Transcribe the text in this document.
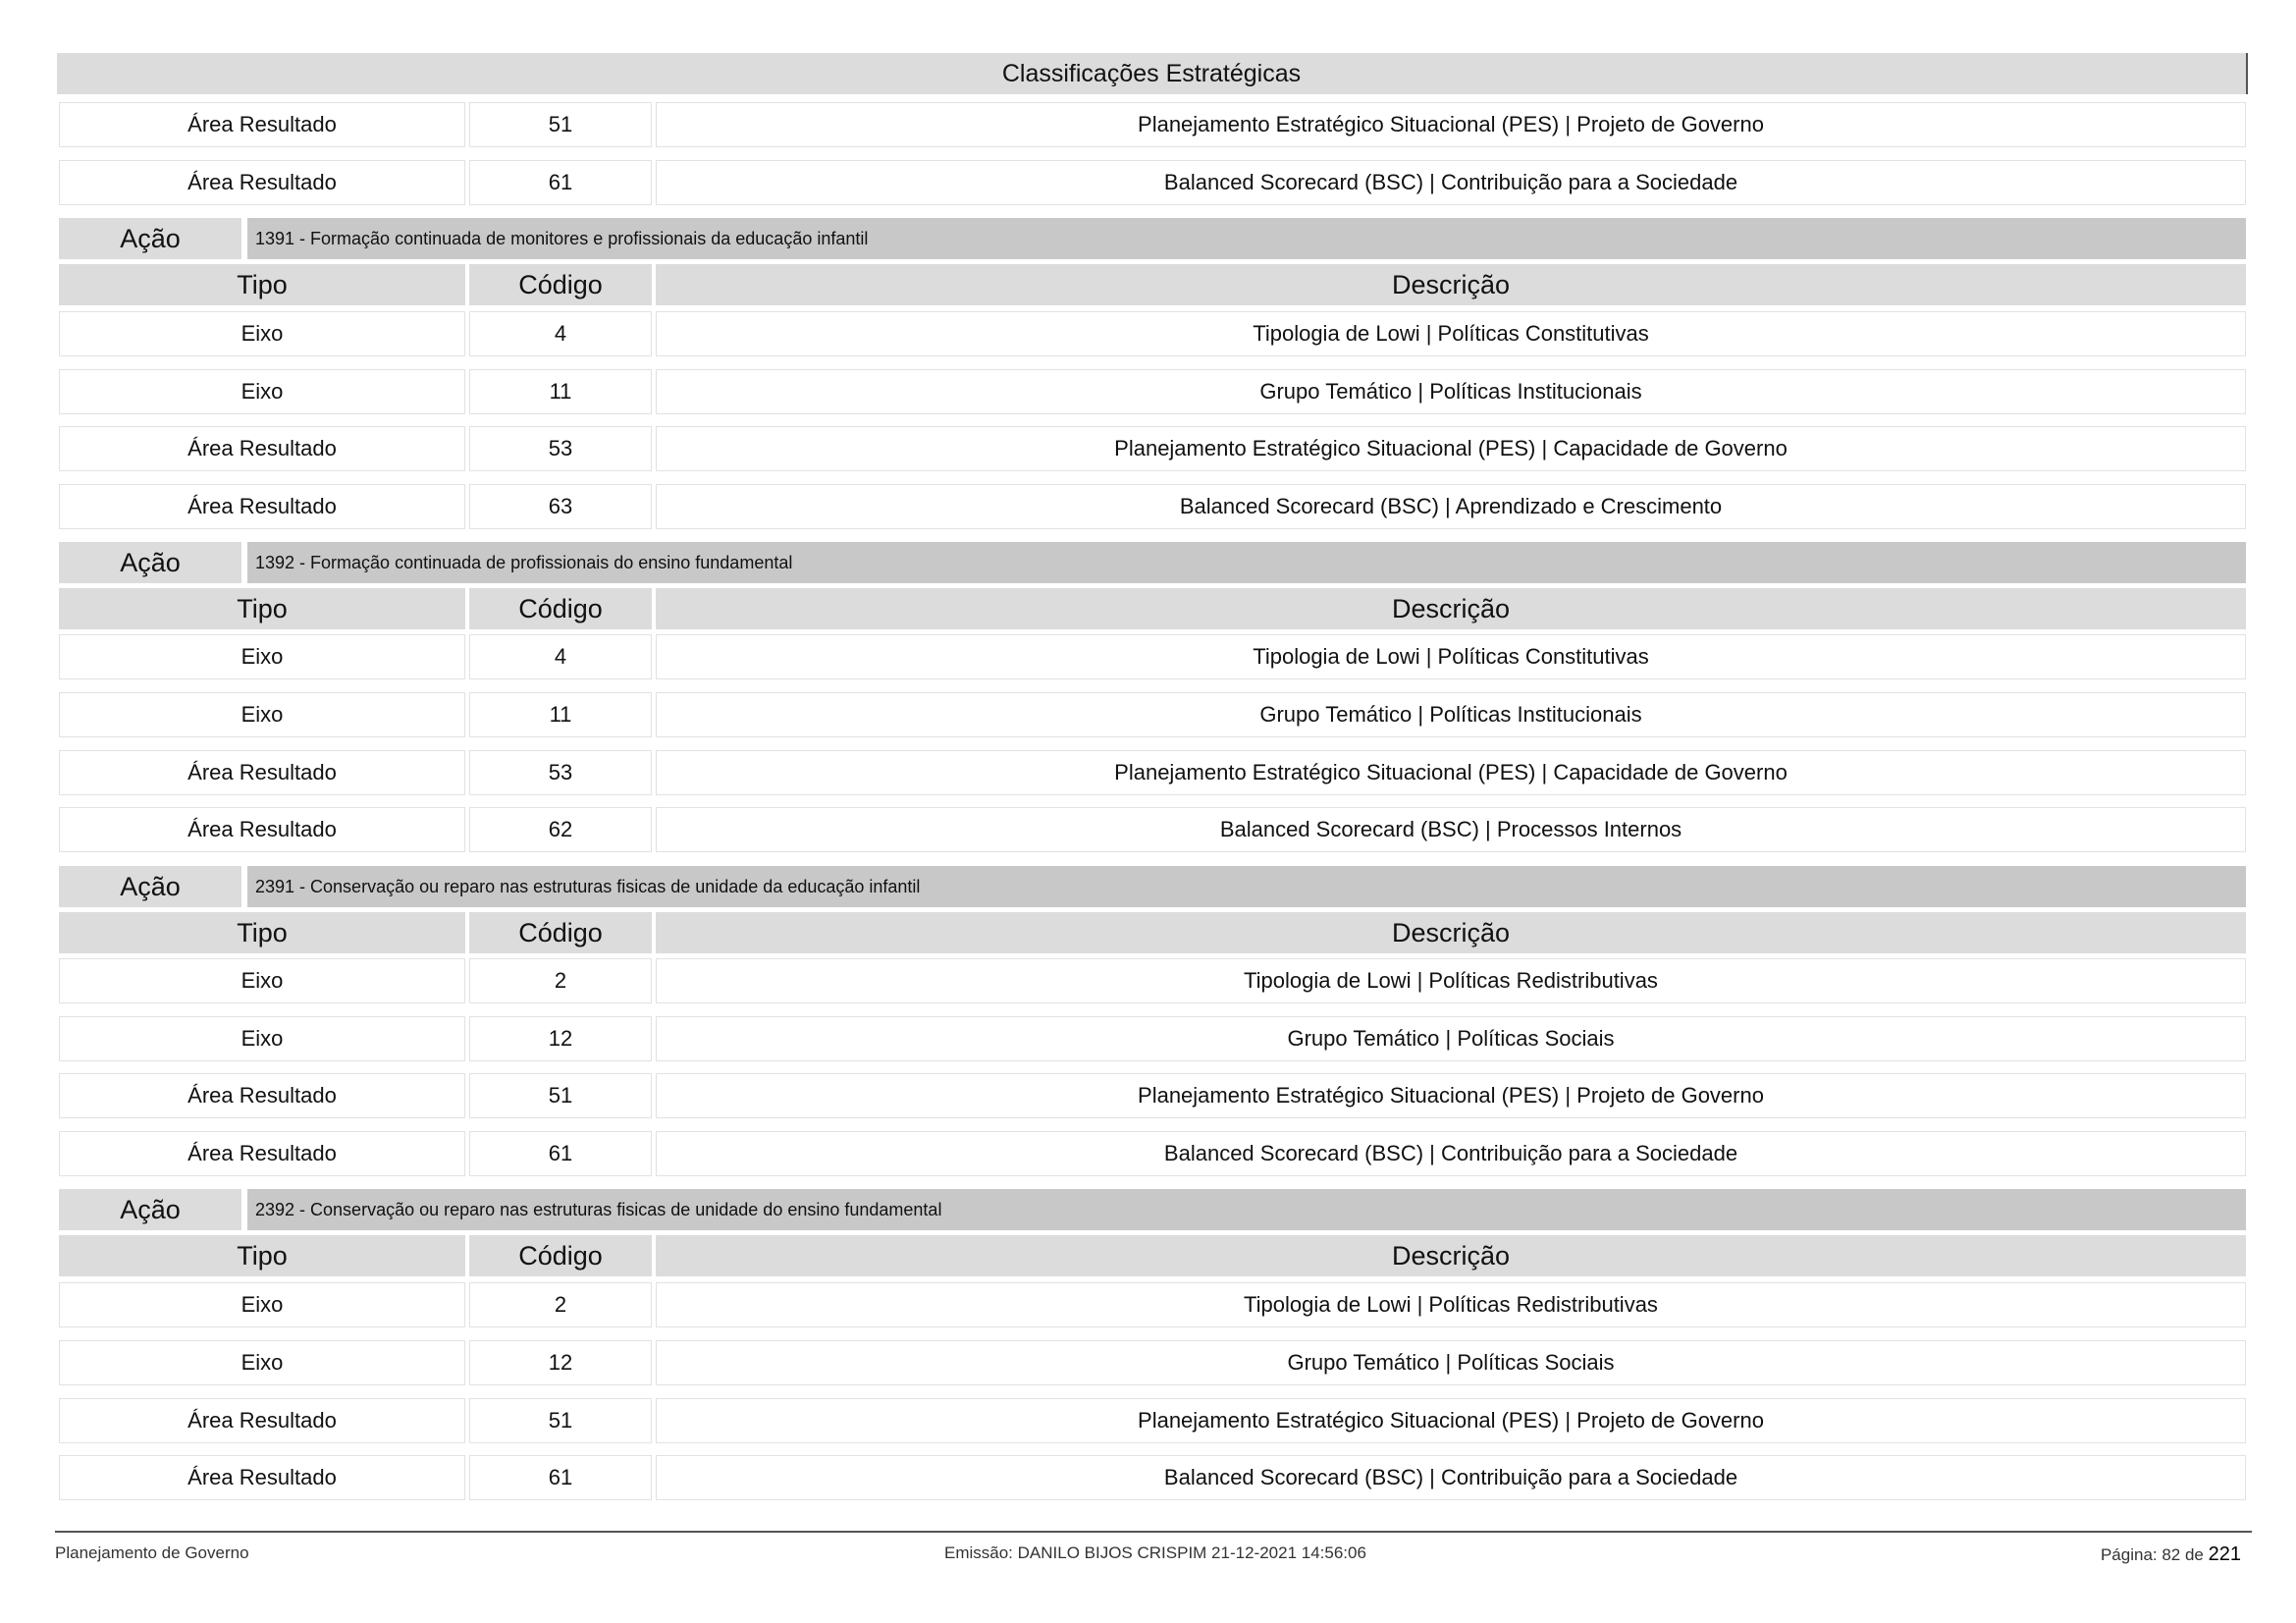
Classificações Estratégicas
Área Resultado	51	Planejamento Estratégico Situacional (PES) | Projeto de Governo
Área Resultado	61	Balanced Scorecard (BSC) | Contribuição para a Sociedade
Ação	1391 - Formação continuada de monitores e profissionais da educação infantil
Tipo	Código	Descrição
Eixo	4	Tipologia de Lowi | Políticas Constitutivas
Eixo	11	Grupo Temático | Políticas Institucionais
Área Resultado	53	Planejamento Estratégico Situacional (PES) | Capacidade de Governo
Área Resultado	63	Balanced Scorecard (BSC) | Aprendizado e Crescimento
Ação	1392 - Formação continuada de profissionais do ensino fundamental
Tipo	Código	Descrição
Eixo	4	Tipologia de Lowi | Políticas Constitutivas
Eixo	11	Grupo Temático | Políticas Institucionais
Área Resultado	53	Planejamento Estratégico Situacional (PES) | Capacidade de Governo
Área Resultado	62	Balanced Scorecard (BSC) | Processos Internos
Ação	2391 - Conservação ou reparo nas estruturas fisicas de unidade da educação infantil
Tipo	Código	Descrição
Eixo	2	Tipologia de Lowi | Políticas Redistributivas
Eixo	12	Grupo Temático | Políticas Sociais
Área Resultado	51	Planejamento Estratégico Situacional (PES) | Projeto de Governo
Área Resultado	61	Balanced Scorecard (BSC) | Contribuição para a Sociedade
Ação	2392 - Conservação ou reparo nas estruturas fisicas de unidade do ensino fundamental
Tipo	Código	Descrição
Eixo	2	Tipologia de Lowi | Políticas Redistributivas
Eixo	12	Grupo Temático | Políticas Sociais
Área Resultado	51	Planejamento Estratégico Situacional (PES) | Projeto de Governo
Área Resultado	61	Balanced Scorecard (BSC) | Contribuição para a Sociedade
Planejamento de Governo	Emissão: DANILO BIJOS CRISPIM 21-12-2021 14:56:06	Página: 82 de 221
